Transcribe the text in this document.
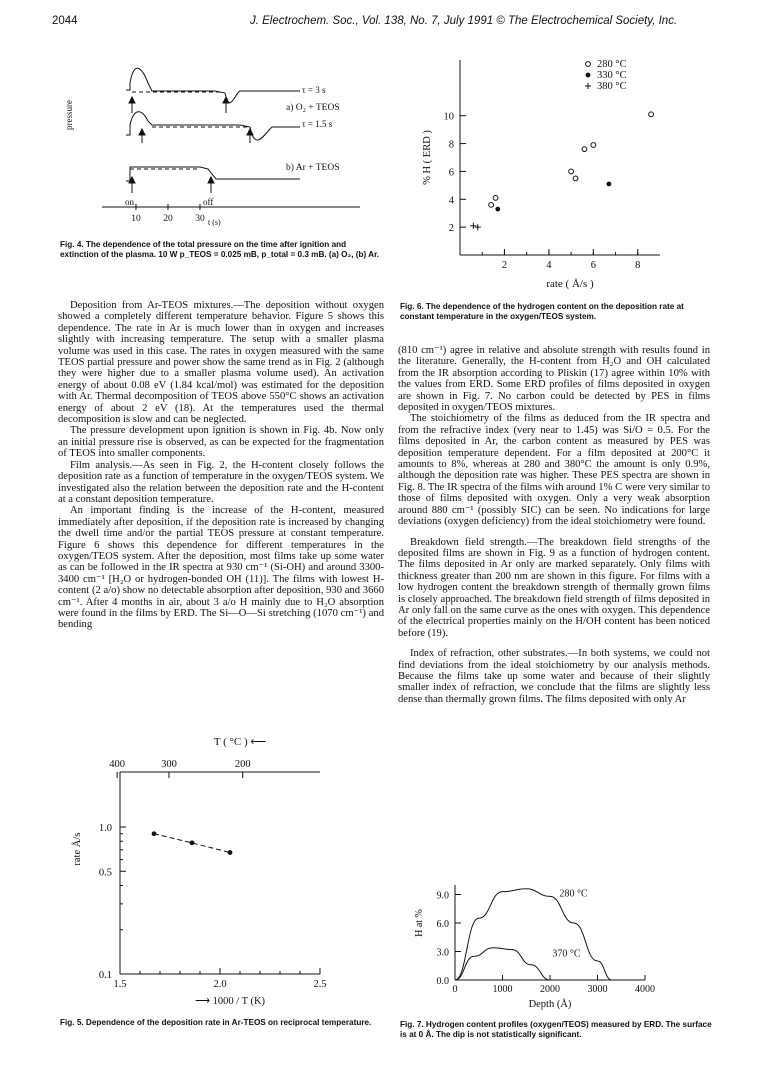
2044	J. Electrochem. Soc., Vol. 138, No. 7, July 1991 © The Electrochemical Society, Inc.
pressure
τ = 3 s
a) O₂ + TEOS
τ = 1.5 s
b) Ar + TEOS
on	off
10 20 30 t (s)
Fig. 4. The dependence of the total pressure on the time after ignition and extinction of the plasma. 10 W p_TEOS = 0.025 mB, p_total = 0.3 mB. (a) O₂, (b) Ar.
2	4	6	8
2
4
6
8
10
% H ( ERD )
rate ( Å/s )
280 °C
330 °C
380 °C
Fig. 6. The dependence of the hydrogen content on the deposition rate at constant temperature in the oxygen/TEOS system.

Deposition from Ar-TEOS mixtures.—The deposition without oxygen showed a completely different temperature behavior. Figure 5 shows this dependence. The rate in Ar is much lower than in oxygen and increases slightly with increasing temperature. The setup with a smaller plasma volume was used in this case. The rates in oxygen measured with the same TEOS partial pressure and power show the same trend as in Fig. 2 (although they were higher due to a smaller plasma volume used). An activation energy of about 0.08 eV (1.84 kcal/mol) was estimated for the deposition with Ar. Thermal decomposition of TEOS above 550°C shows an activation energy of about 2 eV (18). At the temperatures used the thermal decomposition is slow and can be neglected.

The pressure development upon ignition is shown in Fig. 4b. Now only an initial pressure rise is observed, as can be expected for the fragmentation of TEOS into smaller components.

Film analysis.—As seen in Fig. 2, the H-content closely follows the deposition rate as a function of temperature in the oxygen/TEOS system. We investigated also the relation between the deposition rate and the H-content at a constant deposition temperature.

An important finding is the increase of the H-content, measured immediately after deposition, if the deposition rate is increased by changing the dwell time and/or the partial TEOS pressure at constant temperature. Figure 6 shows this dependence for different temperatures in the oxygen/TEOS system. After the deposition, most films take up some water as can be followed in the IR spectra at 930 cm⁻¹ (Si-OH) and around 3300-3400 cm⁻¹ [H₂O or hydrogen-bonded OH (11)]. The films with lowest H-content (2 a/o) show no detectable absorption after deposition, 930 and 3660 cm⁻¹. After 4 months in air, about 3 a/o H mainly due to H₂O absorption were found in the films by ERD. The Si—O—Si stretching (1070 cm⁻¹) and bending

(810 cm⁻¹) agree in relative and absolute strength with results found in the literature. Generally, the H-content from H₂O and OH calculated from the IR absorption according to Pliskin (17) agree within 10% with the values from ERD. Some ERD profiles of films deposited in oxygen are shown in Fig. 7. No carbon could be detected by PES in films deposited in oxygen/TEOS mixtures.

The stoichiometry of the films as deduced from the IR spectra and from the refractive index (very near to 1.45) was Si/O = 0.5. For the films deposited in Ar, the carbon content as measured by PES was deposition temperature dependent. For a film deposited at 200°C it amounts to 8%, whereas at 280 and 380°C the amount is only 0.9%, although the deposition rate was higher. These PES spectra are shown in Fig. 8. The IR spectra of the films with around 1% C were very similar to those of films deposited with oxygen. Only a very weak absorption around 880 cm⁻¹ (possibly SIC) can be seen. No indications for large deviations (oxygen deficiency) from the ideal stoichiometry were found.

Breakdown field strength.—The breakdown field strengths of the deposited films are shown in Fig. 9 as a function of hydrogen content. The films deposited in Ar only are marked separately. Only films with thickness greater than 200 nm are shown in this figure. For films with a low hydrogen content the breakdown strength of thermally grown films is closely approached. The breakdown field strength of films deposited in Ar only fall on the same curve as the ones with oxygen. This dependence of the electrical properties mainly on the H/OH content has been noticed before (19).

Index of refraction, other substrates.—In both systems, we could not find deviations from the ideal stoichiometry by our analysis methods. Because the films take up some water and because of their slightly smaller index of refraction, we conclude that the films are slightly less dense than thermally grown films. The films deposited with only Ar

T ( °C ) ⟵
400	300	200
1.5	2.0	2.5
1.0
0.5
0.1
rate Å/s
⟶ 1000 / T (K)
Fig. 5. Dependence of the deposition rate in Ar-TEOS on reciprocal temperature.
0.0
3.0
6.0
9.0
0	1000	2000	3000	4000
H at %
Depth (Å)
280 °C
370 °C
Fig. 7. Hydrogen content profiles (oxygen/TEOS) measured by ERD. The surface is at 0 Å. The dip is not statistically significant.
